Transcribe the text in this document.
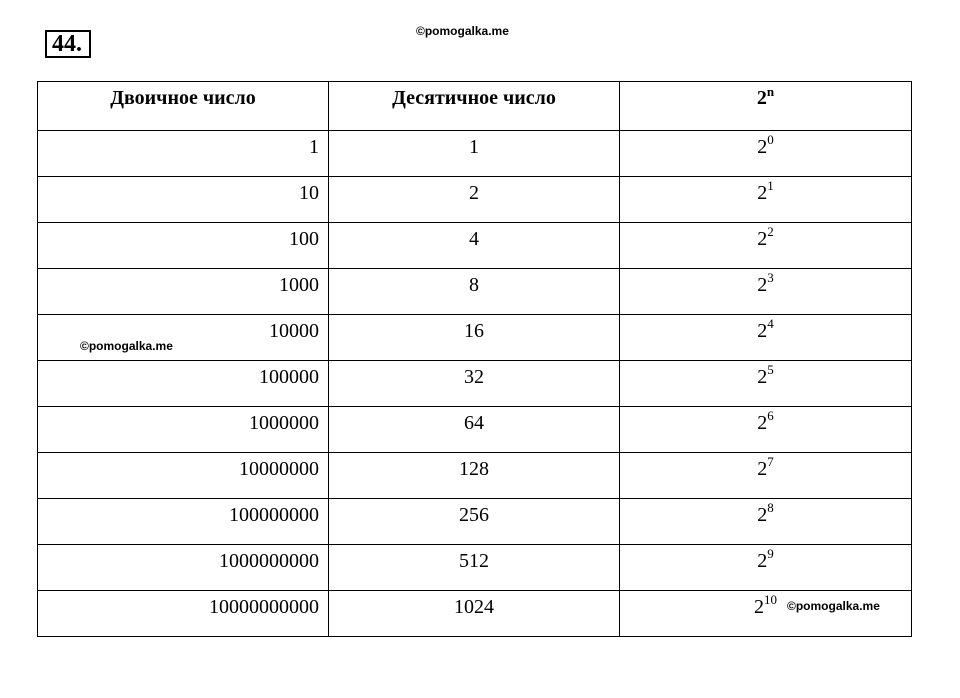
44.	©pomogalka.me
Двоичное число	Десятичное число	2$^n$
1	1	$2^0$
10	2	$2^1$
100	4	$2^2$
1000	8	$2^3$
10000	16	$2^4$
100000	32	$2^5$
1000000	64	$2^6$
10000000	128	$2^7$
100000000	256	$2^8$
1000000000	512	$2^9$
10000000000	1024	$2^{10}$
©pomogalka.me
©pomogalka.me
